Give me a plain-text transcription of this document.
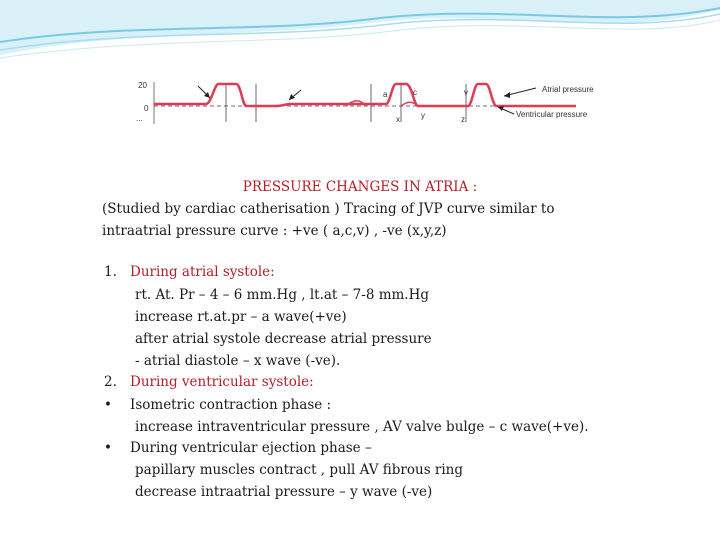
20
0
...
a	c	v
x	y	z
Atrial pressure
Ventricular pressure
PRESSURE CHANGES IN ATRIA :
(Studied by cardiac catherisation ) Tracing of JVP curve similar to
intraatrial pressure curve : +ve ( a,c,v) , -ve (x,y,z)
1. During atrial systole:
rt. At. Pr – 4 – 6 mm.Hg , lt.at – 7-8 mm.Hg
increase rt.at.pr – a wave(+ve)
after atrial systole decrease atrial pressure
- atrial diastole – x wave (-ve).
2. During ventricular systole:
• Isometric contraction phase :
increase intraventricular pressure , AV valve bulge – c wave(+ve).
• During ventricular ejection phase –
papillary muscles contract , pull AV fibrous ring
decrease intraatrial pressure – y wave (-ve)
